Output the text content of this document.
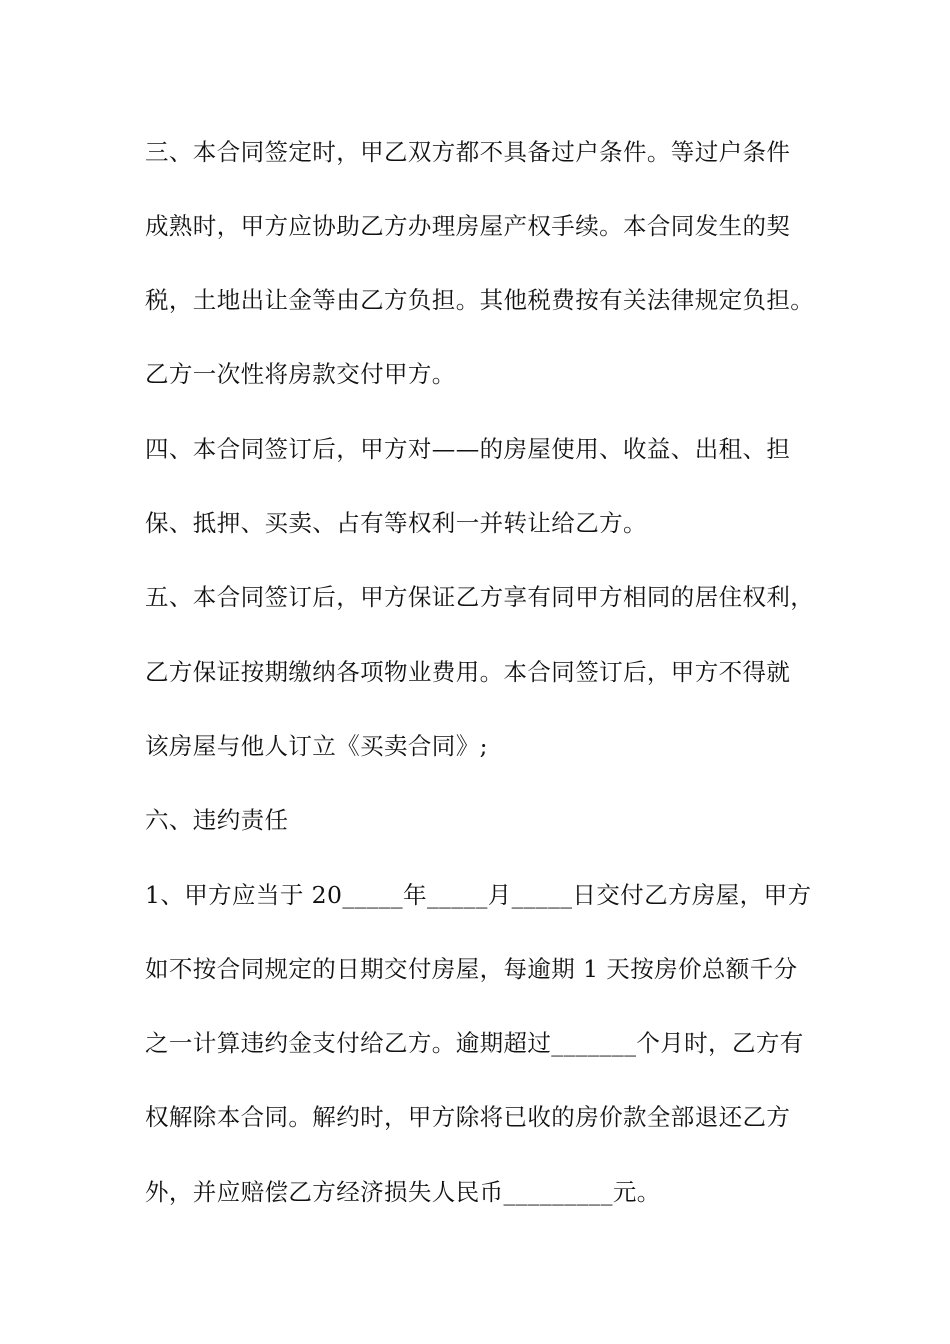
三、本合同签定时，甲乙双方都不具备过户条件。等过户条件
成熟时，甲方应协助乙方办理房屋产权手续。本合同发生的契
税，土地出让金等由乙方负担。其他税费按有关法律规定负担。
乙方一次性将房款交付甲方。
四、本合同签订后，甲方对——的房屋使用、收益、出租、担
保、抵押、买卖、占有等权利一并转让给乙方。
五、本合同签订后，甲方保证乙方享有同甲方相同的居住权利，
乙方保证按期缴纳各项物业费用。本合同签订后，甲方不得就
该房屋与他人订立《买卖合同》;
六、违约责任
1、甲方应当于 20_____年_____月_____日交付乙方房屋，甲方
如不按合同规定的日期交付房屋，每逾期 1 天按房价总额千分
之一计算违约金支付给乙方。逾期超过_______个月时，乙方有
权解除本合同。解约时，甲方除将已收的房价款全部退还乙方
外，并应赔偿乙方经济损失人民币_________元。
